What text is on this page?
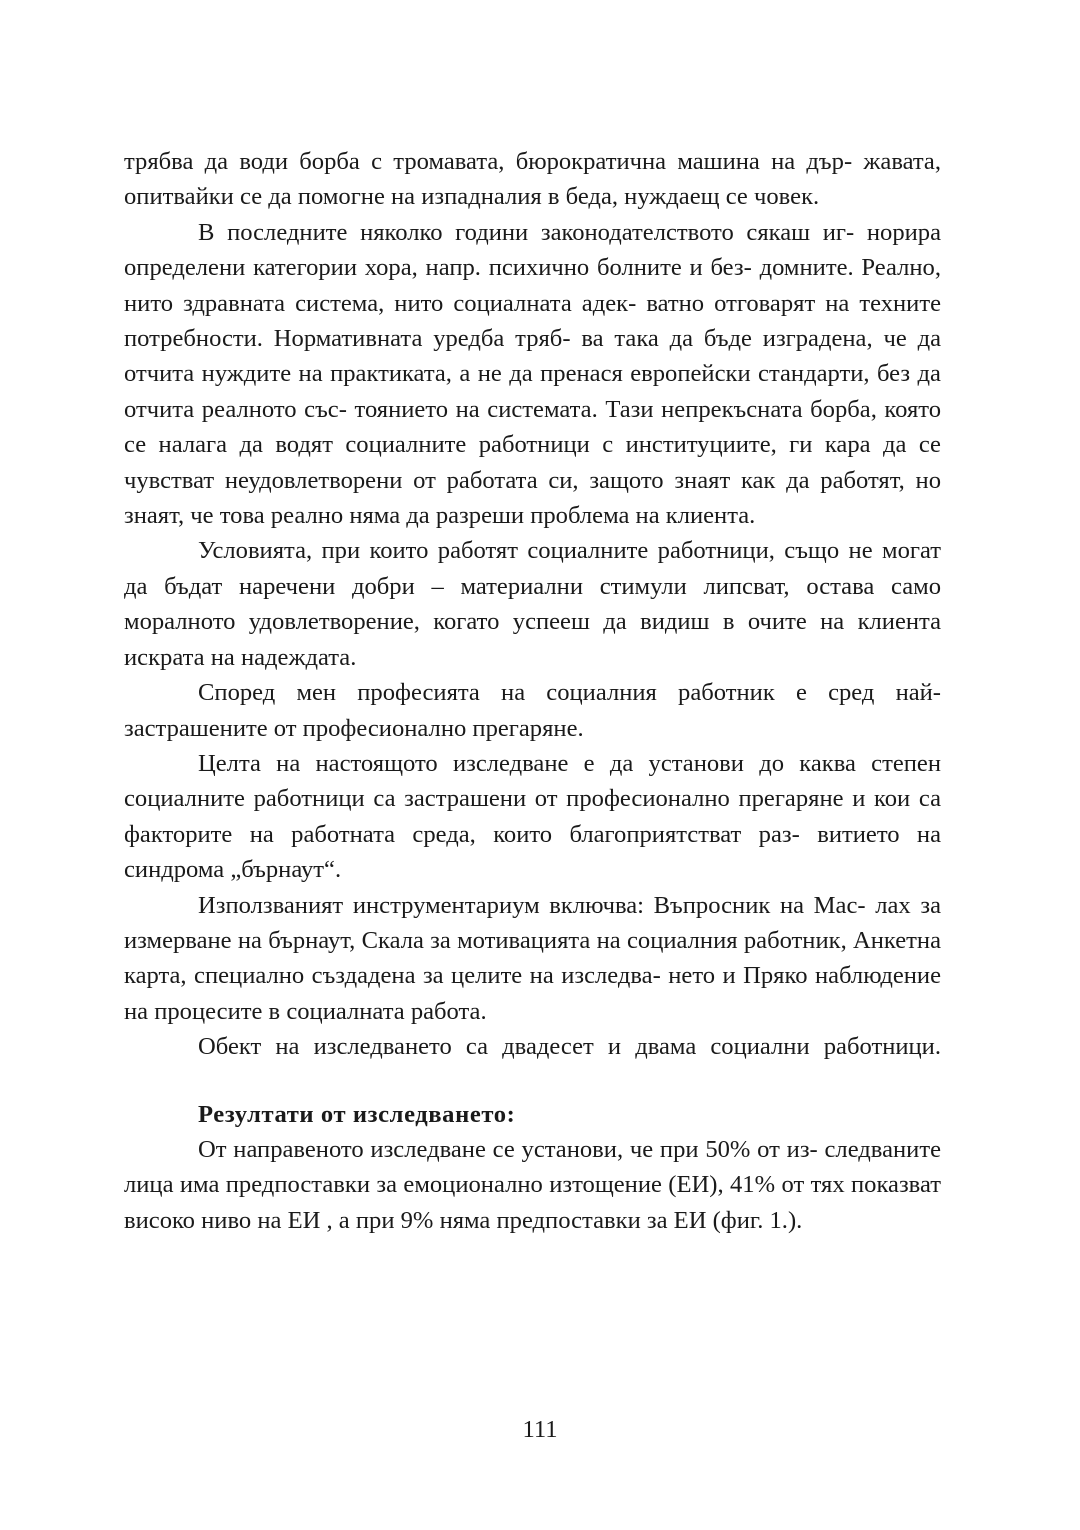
трябва да води борба с тромавата, бюрократична машина на дър- жавата, опитвайки се да помогне на изпадналия в беда, нуждаещ се човек.

В последните няколко години законодателството сякаш иг- норира определени категории хора, напр. психично болните и без- домните. Реално, нито здравната система, нито социалната адек- ватно отговарят на техните потребности. Нормативната уредба тряб- ва така да бъде изградена, че да отчита нуждите на практиката, а не да пренася европейски стандарти, без да отчита реалното със- тоянието на системата. Тази непрекъсната борба, която се налага да водят социалните работници с институциите, ги кара да се чувстват неудовлетворени от работата си, защото знаят как да работят, но знаят, че това реално няма да разреши проблема на клиента.

Условията, при които работят социалните работници, също не могат да бъдат наречени добри – материални стимули липсват, остава само моралното удовлетворение, когато успееш да видиш в очите на клиента искрата на надеждата.

Според мен професията на социалния работник е сред най- застрашените от професионално прегаряне.

Целта на настоящото изследване е да установи до каква степен социалните работници са застрашени от професионално прегаряне и кои са факторите на работната среда, които благоприятстват раз- витието на синдрома „бърнаут“.

Използваният инструментариум включва: Въпросник на Мас- лах за измерване на бърнаут, Скала за мотивацията на социалния работник, Анкетна карта, специално създадена за целите на изследва- нето и Пряко наблюдение на процесите в социалната работа.

Обект на изследването са двадесет и двама социални работници.

Резултати от изследването:

От направеното изследване се установи, че при 50% от из- следваните лица има предпоставки за емоционално изтощение (ЕИ), 41% от тях показват високо ниво на ЕИ , а при 9% няма предпоставки за ЕИ (фиг. 1.).

111
